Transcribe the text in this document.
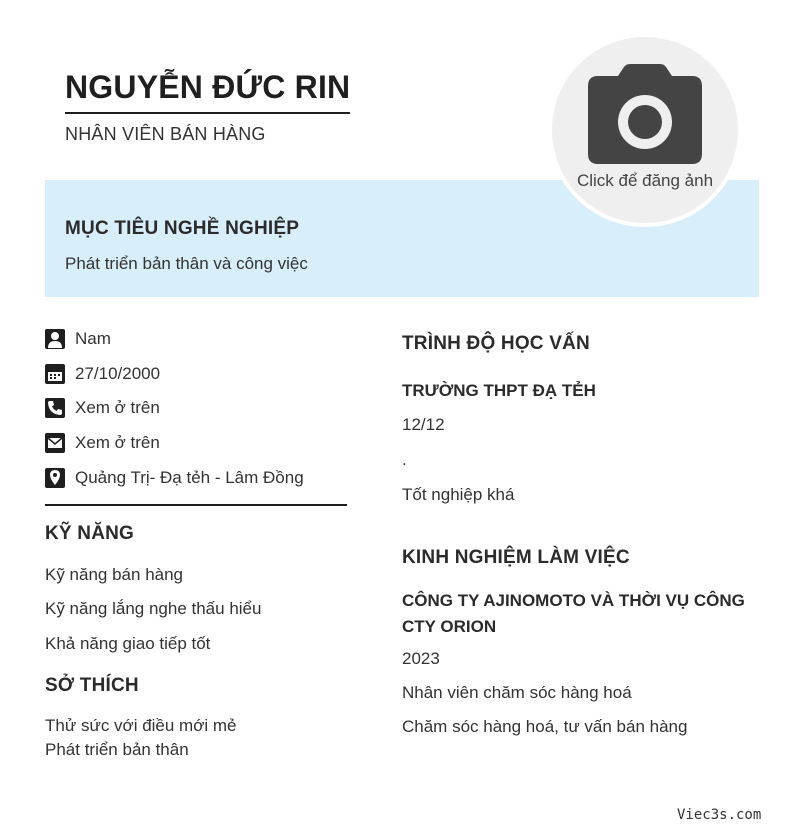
NGUYỄN ĐỨC RIN
NHÂN VIÊN BÁN HÀNG
MỤC TIÊU NGHỀ NGHIỆP
Phát triển bản thân và công việc
Click để đăng ảnh
Nam
27/10/2000
Xem ở trên
Xem ở trên
Quảng Trị- Đạ tẻh - Lâm Đồng
KỸ NĂNG
Kỹ năng bán hàng
Kỹ năng lắng nghe thấu hiểu
Khả năng giao tiếp tốt
SỞ THÍCH
Thử sức với điều mới mẻ
Phát triển bản thân
TRÌNH ĐỘ HỌC VẤN
TRƯỜNG THPT ĐẠ TẺH
12/12
.
Tốt nghiệp khá
KINH NGHIỆM LÀM VIỆC
CÔNG TY AJINOMOTO VÀ THỜI VỤ CÔNG CTY ORION
2023
Nhân viên chăm sóc hàng hoá
Chăm sóc hàng hoá, tư vấn bán hàng
Viec3s.com
